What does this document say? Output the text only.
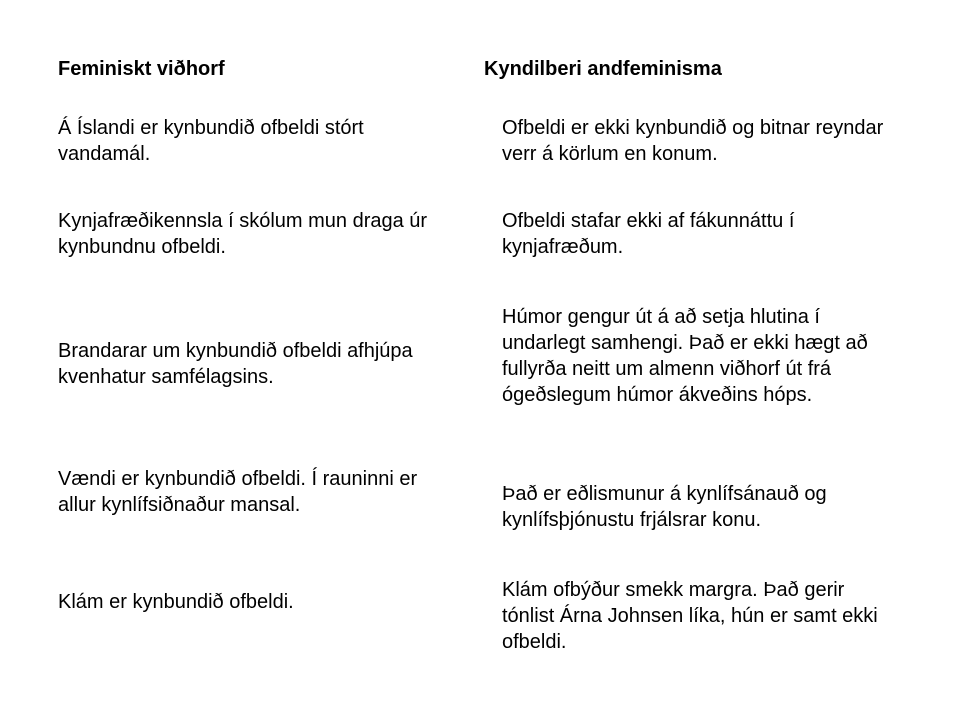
Feminiskt viðhorf	Kyndilberi andfeminisma

Á Íslandi er kynbundið ofbeldi stórt vandamál.

Kynjafræðikennsla í skólum mun draga úr kynbundnu ofbeldi.

Brandarar um kynbundið ofbeldi afhjúpa kvenhatur samfélagsins.

Vændi er kynbundið ofbeldi. Í rauninni er allur kynlífsiðnaður mansal.

Klám er kynbundið ofbeldi.

Ofbeldi er ekki kynbundið og bitnar reyndar verr á körlum en konum.

Ofbeldi stafar ekki af fákunnáttu í kynjafræðum.

Húmor gengur út á að setja hlutina í undarlegt samhengi. Það er ekki hægt að fullyrða neitt um almenn viðhorf út frá ógeðslegum húmor ákveðins hóps.

Það er eðlismunur á kynlífsánauð og kynlífsþjónustu frjálsrar konu.

Klám ofbýður smekk margra. Það gerir tónlist Árna Johnsen líka, hún er samt ekki ofbeldi.
